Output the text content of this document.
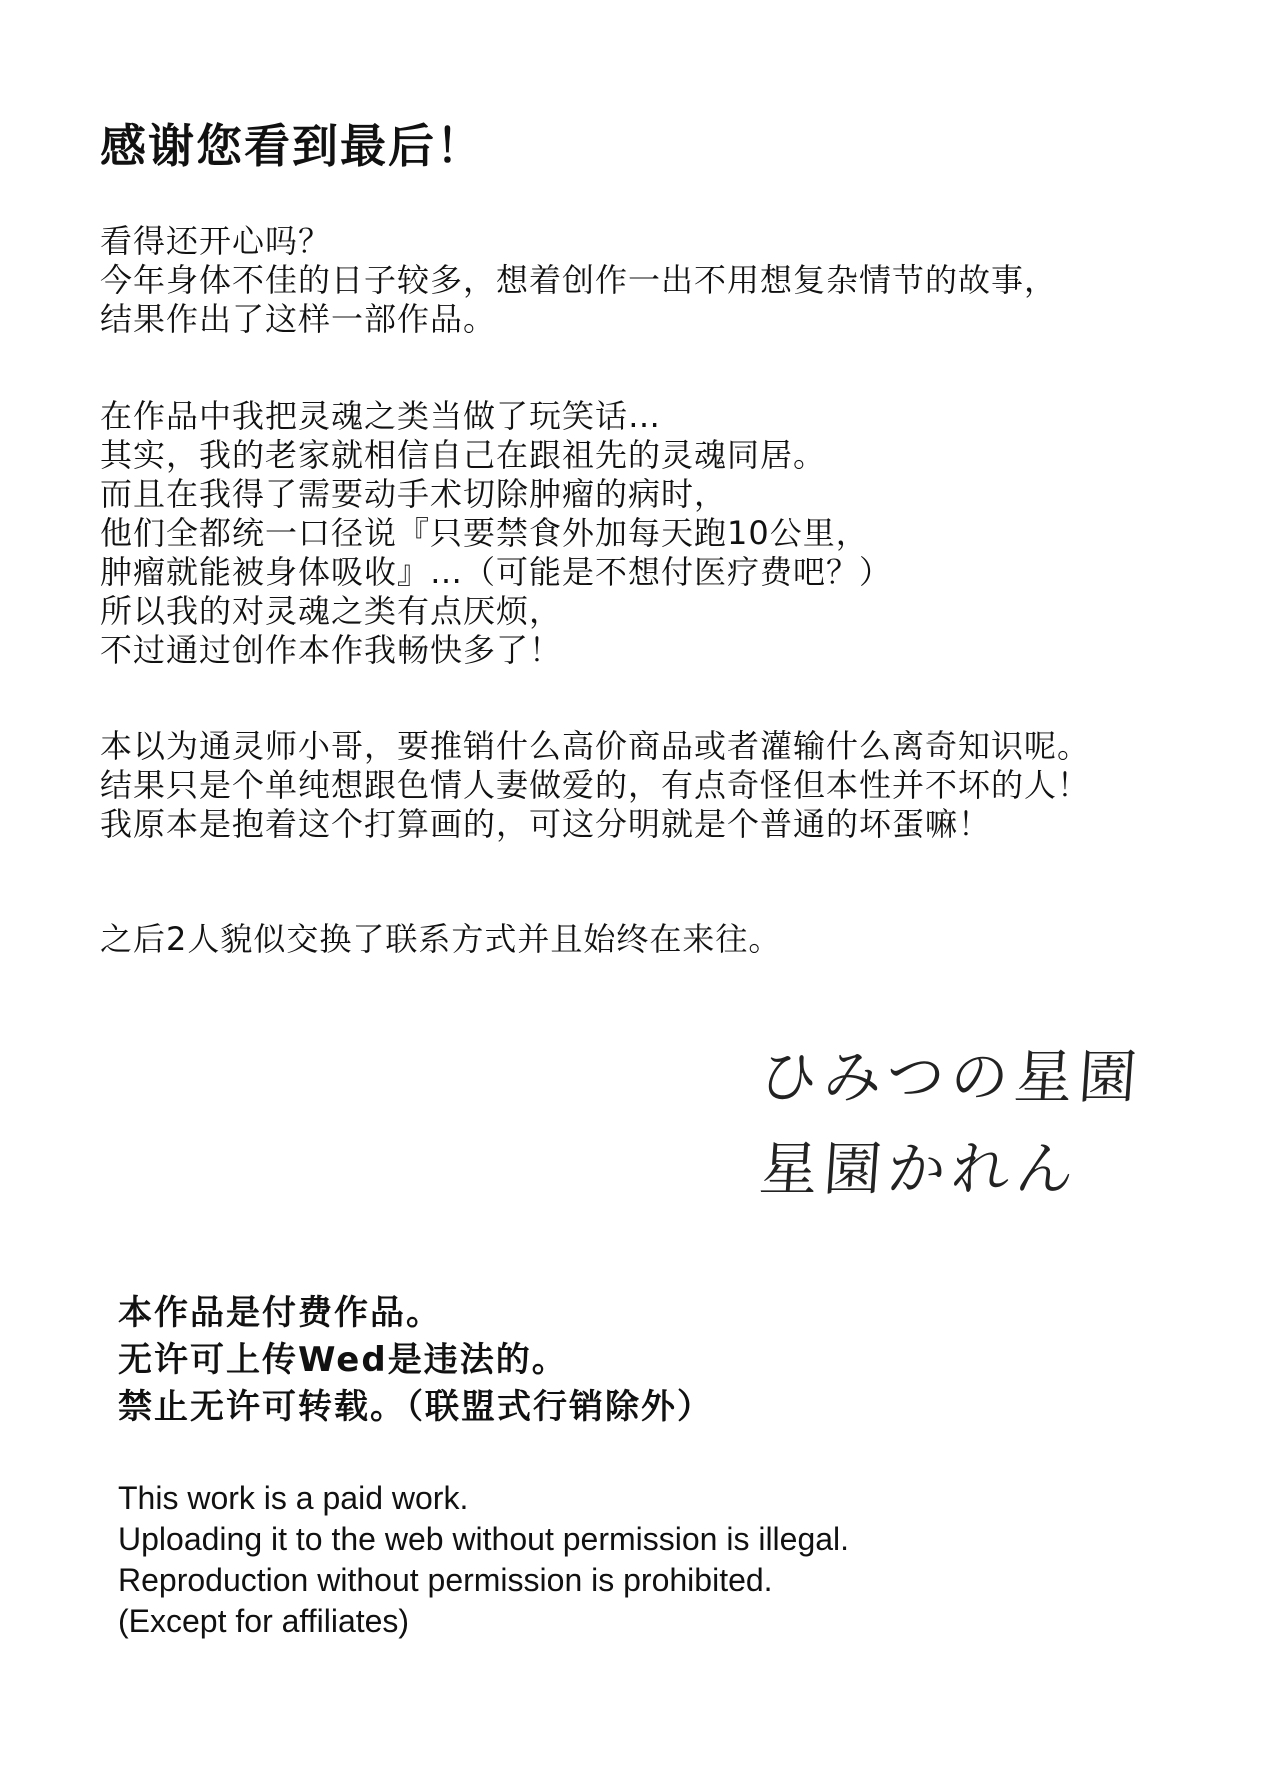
感谢您看到最后！

看得还开心吗？

今年身体不佳的日子较多，想着创作一出不用想复杂情节的故事，

结果作出了这样一部作品。

在作品中我把灵魂之类当做了玩笑话…

其实，我的老家就相信自己在跟祖先的灵魂同居。

而且在我得了需要动手术切除肿瘤的病时，

他们全都统一口径说『只要禁食外加每天跑10公里，

肿瘤就能被身体吸收』…（可能是不想付医疗费吧？）

所以我的对灵魂之类有点厌烦，

不过通过创作本作我畅快多了！

本以为通灵师小哥，要推销什么高价商品或者灌输什么离奇知识呢。

结果只是个单纯想跟色情人妻做爱的，有点奇怪但本性并不坏的人！

我原本是抱着这个打算画的，可这分明就是个普通的坏蛋嘛！

之后2人貌似交换了联系方式并且始终在来往。

ひみつの星園
星園かれん

本作品是付费作品。

无许可上传Wed是违法的。

禁止无许可转载。（联盟式行销除外）

This work is a paid work.

Uploading it to the web without permission is illegal.

Reproduction without permission is prohibited.

(Except for affiliates)
